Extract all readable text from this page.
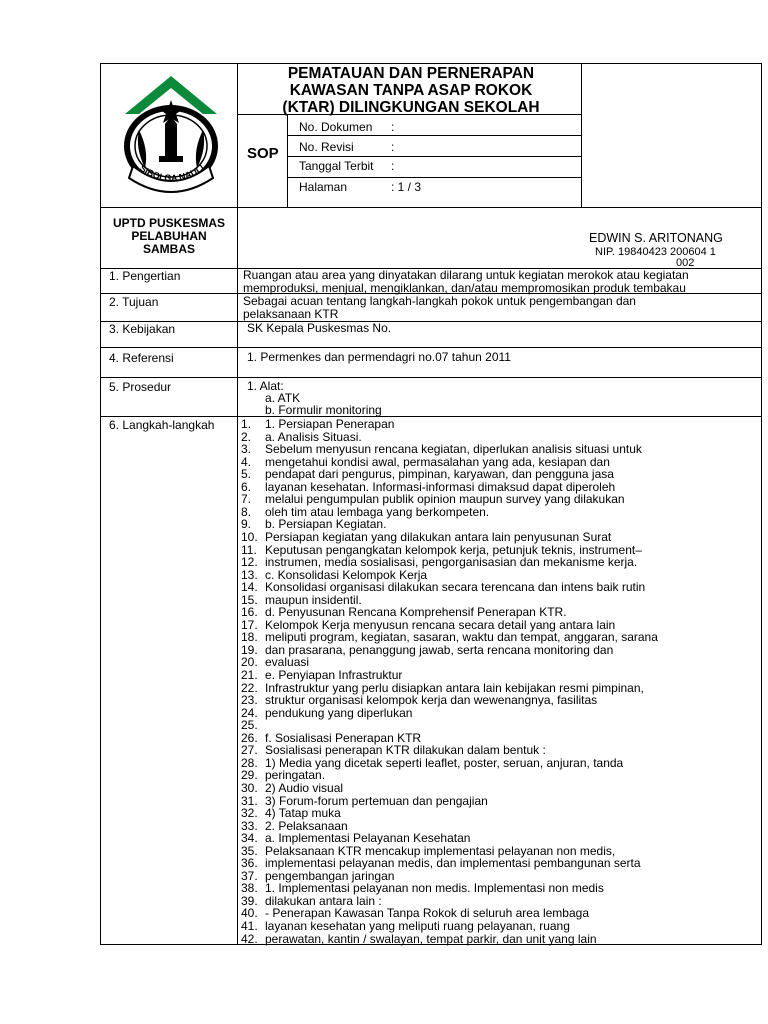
SIBOLGA NAULI
PEMATAUAN DAN PERNERAPAN
KAWASAN TANPA ASAP ROKOK
(KTAR) DILINGKUNGAN SEKOLAH
SOP
No. Dokumen :
No. Revisi	:
Tanggal Terbit :
Halaman	: 1 / 3
UPTD PUSKESMAS
PELABUHAN
SAMBAS
EDWIN S. ARITONANG
NIP. 19840423 200604 1
002
1. Pengertian	Ruangan atau area yang dinyatakan dilarang untuk kegiatan merokok atau kegiatan
memproduksi, menjual, mengiklankan, dan/atau mempromosikan produk tembakau
2. Tujuan	Sebagai acuan tentang langkah-langkah pokok untuk pengembangan dan
pelaksanaan KTR
3. Kebijakan	SK Kepala Puskesmas No.
4. Referensi	1. Permenkes dan permendagri no.07 tahun 2011
5. Prosedur	1. Alat:
a. ATK
b. Formulir monitoring
6. Langkah-langkah 1. 1. Persiapan Penerapan
2. a. Analisis Situasi.
3. Sebelum menyusun rencana kegiatan, diperlukan analisis situasi untuk
4. mengetahui kondisi awal, permasalahan yang ada, kesiapan dan
5. pendapat dari pengurus, pimpinan, karyawan, dan pengguna jasa
6. layanan kesehatan. Informasi-informasi dimaksud dapat diperoleh
7. melalui pengumpulan publik opinion maupun survey yang dilakukan
8. oleh tim atau lembaga yang berkompeten.
9. b. Persiapan Kegiatan.
10. Persiapan kegiatan yang dilakukan antara lain penyusunan Surat
11. Keputusan pengangkatan kelompok kerja, petunjuk teknis, instrument–
12. instrumen, media sosialisasi, pengorganisasian dan mekanisme kerja.
13. c. Konsolidasi Kelompok Kerja
14. Konsolidasi organisasi dilakukan secara terencana dan intens baik rutin
15. maupun insidentil.
16. d. Penyusunan Rencana Komprehensif Penerapan KTR.
17. Kelompok Kerja menyusun rencana secara detail yang antara lain
18. meliputi program, kegiatan, sasaran, waktu dan tempat, anggaran, sarana
19. dan prasarana, penanggung jawab, serta rencana monitoring dan
20. evaluasi
21. e. Penyiapan Infrastruktur
22. Infrastruktur yang perlu disiapkan antara lain kebijakan resmi pimpinan,
23. struktur organisasi kelompok kerja dan wewenangnya, fasilitas
24. pendukung yang diperlukan
25.
26. f. Sosialisasi Penerapan KTR
27. Sosialisasi penerapan KTR dilakukan dalam bentuk :
28. 1) Media yang dicetak seperti leaflet, poster, seruan, anjuran, tanda
29. peringatan.
30. 2) Audio visual
31. 3) Forum-forum pertemuan dan pengajian
32. 4) Tatap muka
33. 2. Pelaksanaan
34. a. Implementasi Pelayanan Kesehatan
35. Pelaksanaan KTR mencakup implementasi pelayanan non medis,
36. implementasi pelayanan medis, dan implementasi pembangunan serta
37. pengembangan jaringan
38. 1. Implementasi pelayanan non medis. Implementasi non medis
39. dilakukan antara lain :
40. - Penerapan Kawasan Tanpa Rokok di seluruh area lembaga
41. layanan kesehatan yang meliputi ruang pelayanan, ruang
42. perawatan, kantin / swalayan, tempat parkir, dan unit yang lain
